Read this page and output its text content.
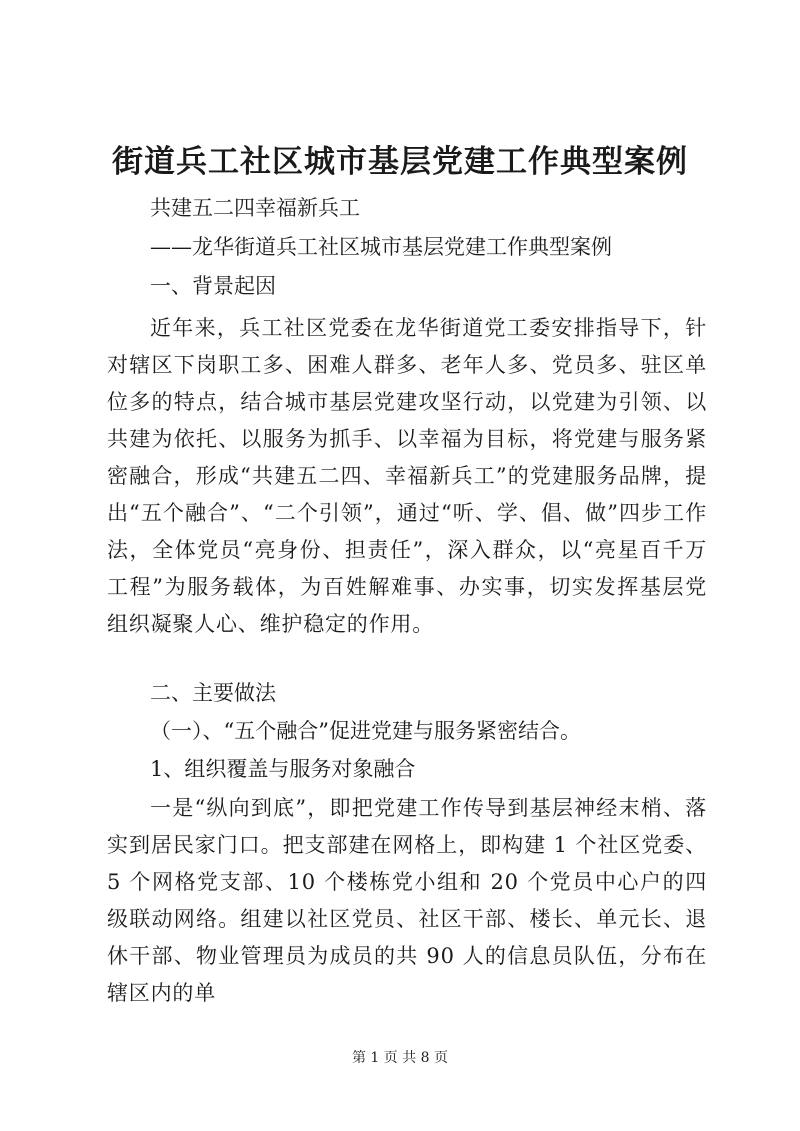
街道兵工社区城市基层党建工作典型案例
共建五二四幸福新兵工
——龙华街道兵工社区城市基层党建工作典型案例
一、背景起因
近年来，兵工社区党委在龙华街道党工委安排指导下，针对辖区下岗职工多、困难人群多、老年人多、党员多、驻区单位多的特点，结合城市基层党建攻坚行动，以党建为引领、以共建为依托、以服务为抓手、以幸福为目标，将党建与服务紧密融合，形成“共建五二四、幸福新兵工”的党建服务品牌，提出“五个融合”、“二个引领”，通过“听、学、倡、做”四步工作法，全体党员“亮身份、担责任”，深入群众，以“亮星百千万工程”为服务载体，为百姓解难事、办实事，切实发挥基层党组织凝聚人心、维护稳定的作用。
二、主要做法
（一）、“五个融合”促进党建与服务紧密结合。
1、组织覆盖与服务对象融合
一是“纵向到底”，即把党建工作传导到基层神经末梢、落实到居民家门口。把支部建在网格上，即构建 1 个社区党委、5 个网格党支部、10 个楼栋党小组和 20 个党员中心户的四级联动网络。组建以社区党员、社区干部、楼长、单元长、退休干部、物业管理员为成员的共 90 人的信息员队伍，分布在辖区内的单
第 1 页 共 8 页
